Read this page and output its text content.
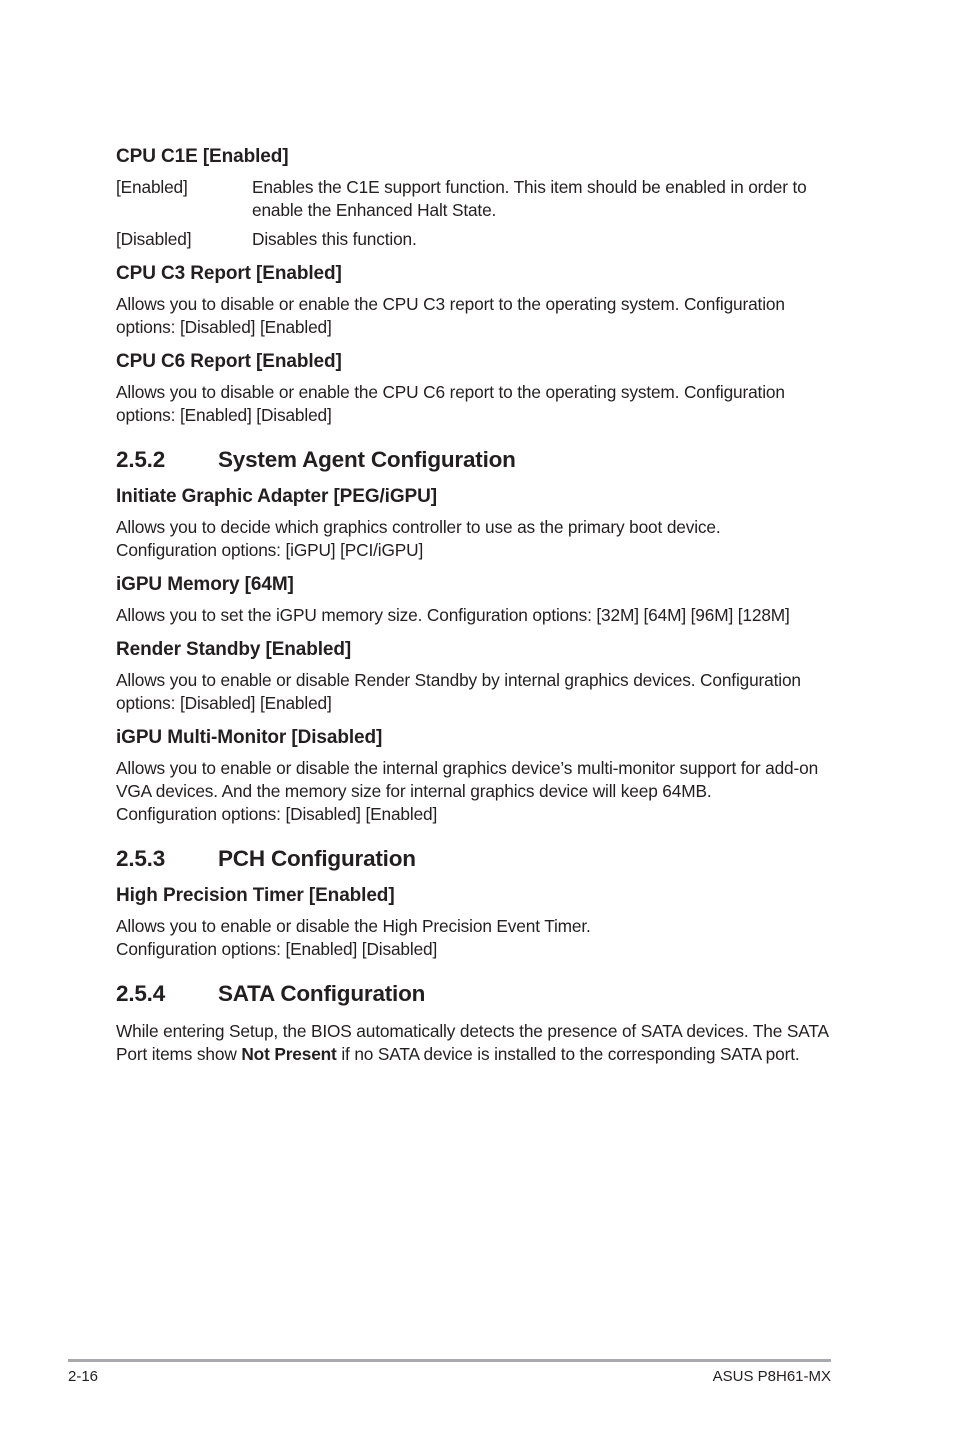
CPU C1E [Enabled]
[Enabled]	Enables the C1E support function. This item should be enabled in order to enable the Enhanced Halt State.
[Disabled]	Disables this function.
CPU C3 Report [Enabled]
Allows you to disable or enable the CPU C3 report to the operating system. Configuration options: [Disabled] [Enabled]
CPU C6 Report [Enabled]
Allows you to disable or enable the CPU C6 report to the operating system. Configuration options: [Enabled] [Disabled]
2.5.2	System Agent Configuration
Initiate Graphic Adapter [PEG/iGPU]
Allows you to decide which graphics controller to use as the primary boot device.
Configuration options: [iGPU] [PCI/iGPU]
iGPU Memory [64M]
Allows you to set the iGPU memory size. Configuration options: [32M] [64M] [96M] [128M]
Render Standby [Enabled]
Allows you to enable or disable Render Standby by internal graphics devices. Configuration options: [Disabled] [Enabled]
iGPU Multi-Monitor [Disabled]
Allows you to enable or disable the internal graphics device’s multi-monitor support for add-on VGA devices. And the memory size for internal graphics device will keep 64MB.
Configuration options: [Disabled] [Enabled]
2.5.3	PCH Configuration
High Precision Timer [Enabled]
Allows you to enable or disable the High Precision Event Timer.
Configuration options: [Enabled] [Disabled]
2.5.4	SATA Configuration
While entering Setup, the BIOS automatically detects the presence of SATA devices. The SATA Port items show Not Present if no SATA device is installed to the corresponding SATA port.
2-16	ASUS P8H61-MX
